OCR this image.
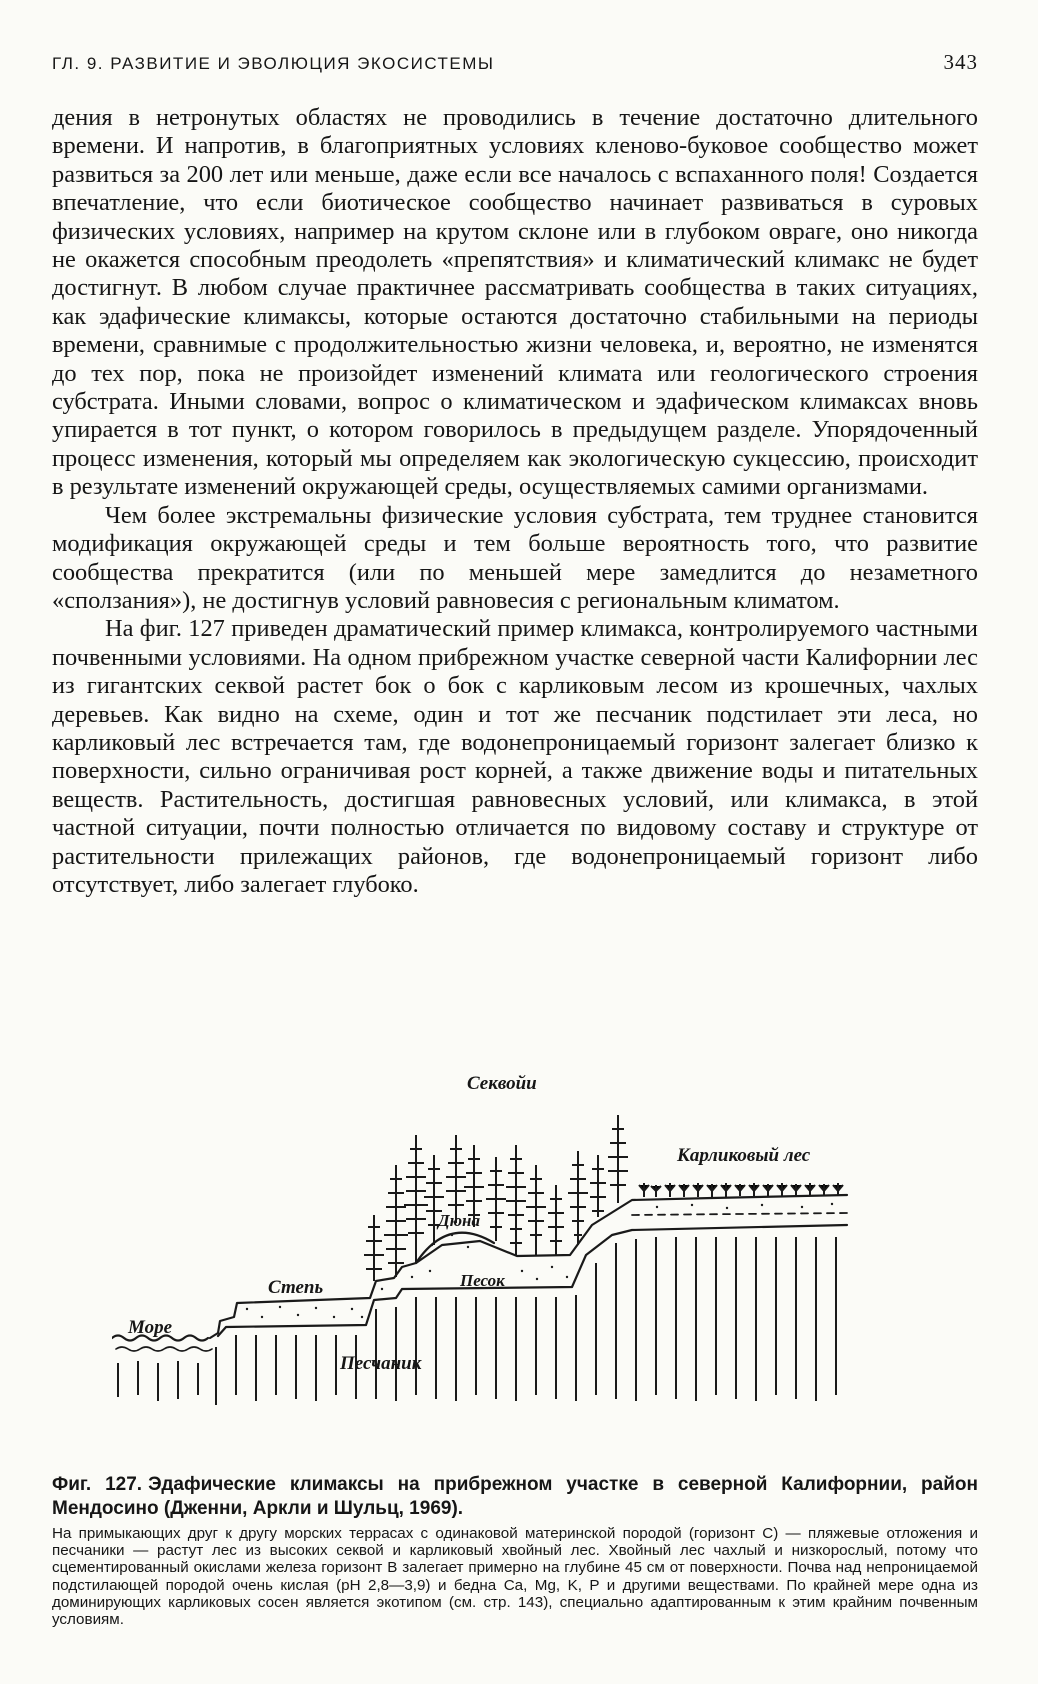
ГЛ. 9. РАЗВИТИЕ И ЭВОЛЮЦИЯ ЭКОСИСТЕМЫ	343

дения в нетронутых областях не проводились в течение достаточно длительного времени. И напротив, в благоприятных условиях кленово-буковое сообщество может развиться за 200 лет или меньше, даже если все началось с вспаханного поля! Создается впечатление, что если биотическое сообщество начинает развиваться в суровых физических условиях, например на крутом склоне или в глубоком овраге, оно никогда не окажется способным преодолеть «препятствия» и климатический климакс не будет достигнут. В любом случае практичнее рассматривать сообщества в таких ситуациях, как эдафические климаксы, которые остаются достаточно стабильными на периоды времени, сравнимые с продолжительностью жизни человека, и, вероятно, не изменятся до тех пор, пока не произойдет изменений климата или геологического строения субстрата. Иными словами, вопрос о климатическом и эдафическом климаксах вновь упирается в тот пункт, о котором говорилось в предыдущем разделе. Упорядоченный процесс изменения, который мы определяем как экологическую сукцессию, происходит в результате изменений окружающей среды, осуществляемых самими организмами.

Чем более экстремальны физические условия субстрата, тем труднее становится модификация окружающей среды и тем больше вероятность того, что развитие сообщества прекратится (или по меньшей мере замедлится до незаметного «сползания»), не достигнув условий равновесия с региональным климатом.

На фиг. 127 приведен драматический пример климакса, контролируемого частными почвенными условиями. На одном прибрежном участке северной части Калифорнии лес из гигантских секвой растет бок о бок с карликовым лесом из крошечных, чахлых деревьев. Как видно на схеме, один и тот же песчаник подстилает эти леса, но карликовый лес встречается там, где водонепроницаемый горизонт залегает близко к поверхности, сильно ограничивая рост корней, а также движение воды и питательных веществ. Растительность, достигшая равновесных условий, или климакса, в этой частной ситуации, почти полностью отличается по видовому составу и структуре от растительности прилежащих районов, где водонепроницаемый горизонт либо отсутствует, либо залегает глубоко.

Секвойи
Карликовый лес
Дюна
Песок
Степь
Море
Песчаник
Фиг. 127. Эдафические климаксы на прибрежном участке в северной Калифорнии, район Мендосино (Дженни, Аркли и Шульц, 1969).
На примыкающих друг к другу морских террасах с одинаковой материнской породой (горизонт С) — пляжевые отложения и песчаники — растут лес из высоких секвой и карликовый хвойный лес. Хвойный лес чахлый и низкорослый, потому что сцементированный окислами железа горизонт B залегает примерно на глубине 45 см от поверхности. Почва над непроницаемой подстилающей породой очень кислая (pH 2,8—3,9) и бедна Ca, Mg, K, P и другими веществами. По крайней мере одна из доминирующих карликовых сосен является экотипом (см. стр. 143), специально адаптированным к этим крайним почвенным условиям.
